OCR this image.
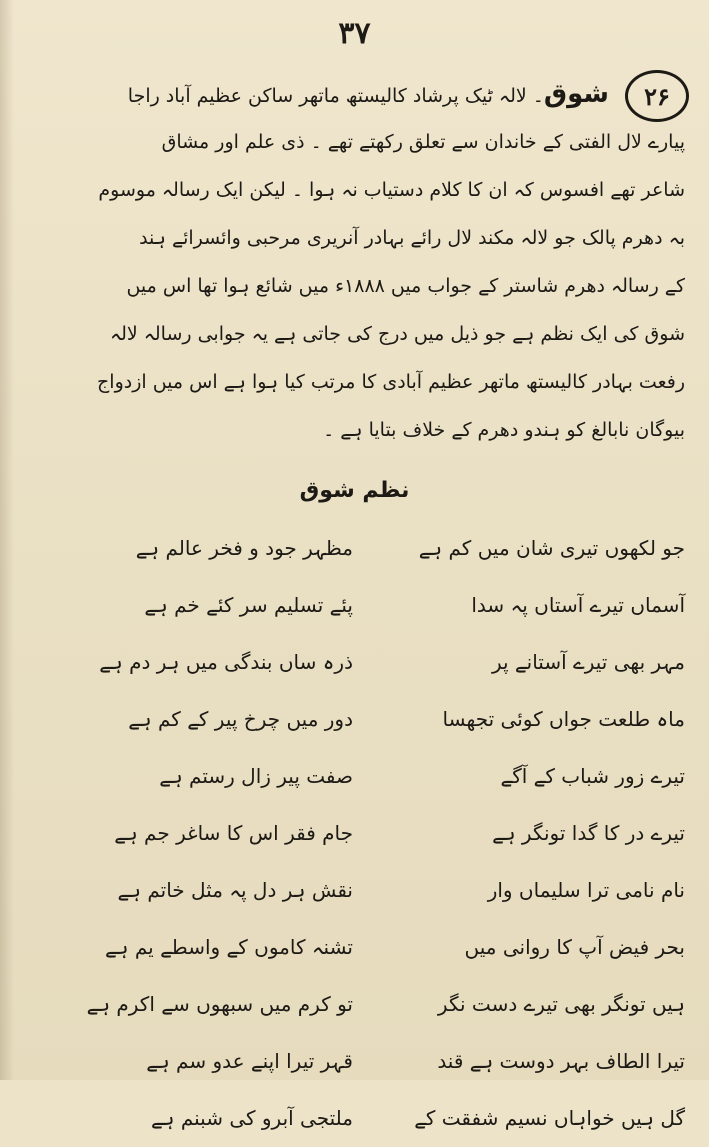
۳۷
۲۶
شوق۔ لالہ ٹیک پرشاد کالیستھ ماتھر ساکن عظیم آباد راجا
پیارے لال الفتی کے خاندان سے تعلق رکھتے تھے ۔ ذی علم اور مشاق
شاعر تھے افسوس کہ ان کا کلام دستیاب نہ ہوا ۔ لیکن ایک رسالہ موسوم
بہ دھرم پالک جو لالہ مکند لال رائے بہادر آنریری مرحبی وائسرائے ہند
کے رسالہ دھرم شاستر کے جواب میں ۱۸۸۸ء میں شائع ہوا تھا اس میں
شوق کی ایک نظم ہے جو ذیل میں درج کی جاتی ہے یہ جوابی رسالہ لالہ
رفعت بہادر کالیستھ ماتھر عظیم آبادی کا مرتب کیا ہوا ہے اس میں ازدواج
بیوگان نابالغ کو ہندو دھرم کے خلاف بتایا ہے ۔
نظم شوق
جو لکھوں تیری شان میں کم ہے
آسماں تیرے آستاں پہ سدا
مہر بھی تیرے آستانے پر
ماہ طلعت جواں کوئی تجھسا
تیرے زور شباب کے آگے
تیرے در کا گدا تونگر ہے
نام نامی ترا سلیماں وار
بحر فیض آپ کا روانی میں
ہیں تونگر بھی تیرے دست نگر
تیرا الطاف بہر دوست ہے قند
گل ہیں خواہاں نسیم شفقت کے
مظہر جود و فخر عالم ہے
پئے تسلیم سر کئے خم ہے
ذرہ ساں بندگی میں ہر دم ہے
دور میں چرخ پیر کے کم ہے
صفت پیر زال رستم ہے
جام فقر اس کا ساغر جم ہے
نقش ہر دل پہ مثل خاتم ہے
تشنہ کاموں کے واسطے یم ہے
تو کرم میں سبھوں سے اکرم ہے
قہر تیرا اپنے عدو سم ہے
ملتجی آبرو کی شبنم ہے
